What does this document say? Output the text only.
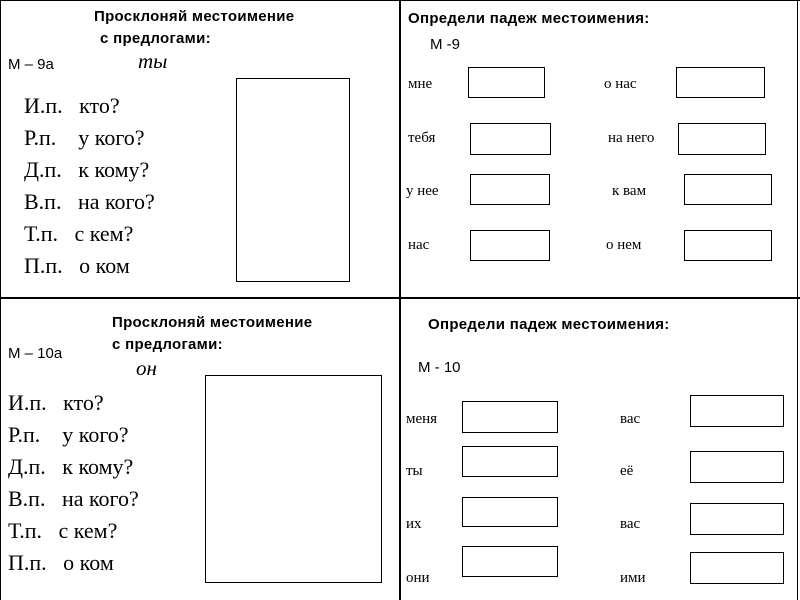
Просклоняй местоимение
с предлогами:
М – 9а	ты
И.п.   кто?
Р.п.    у кого?
Д.п.   к кому?
В.п.   на кого?
Т.п.   с кем?
П.п.   о ком
Определи падеж местоимения:
М -9
мне	о нас
тебя	на него
у нее	к вам
нас	о нем
Просклоняй местоимение
с предлогами:
М – 10а
он
И.п.   кто?
Р.п.    у кого?
Д.п.   к кому?
В.п.   на кого?
Т.п.   с кем?
П.п.   о ком
Определи падеж местоимения:
М - 10
меня	вас
ты	её
их	вас
они	ими
